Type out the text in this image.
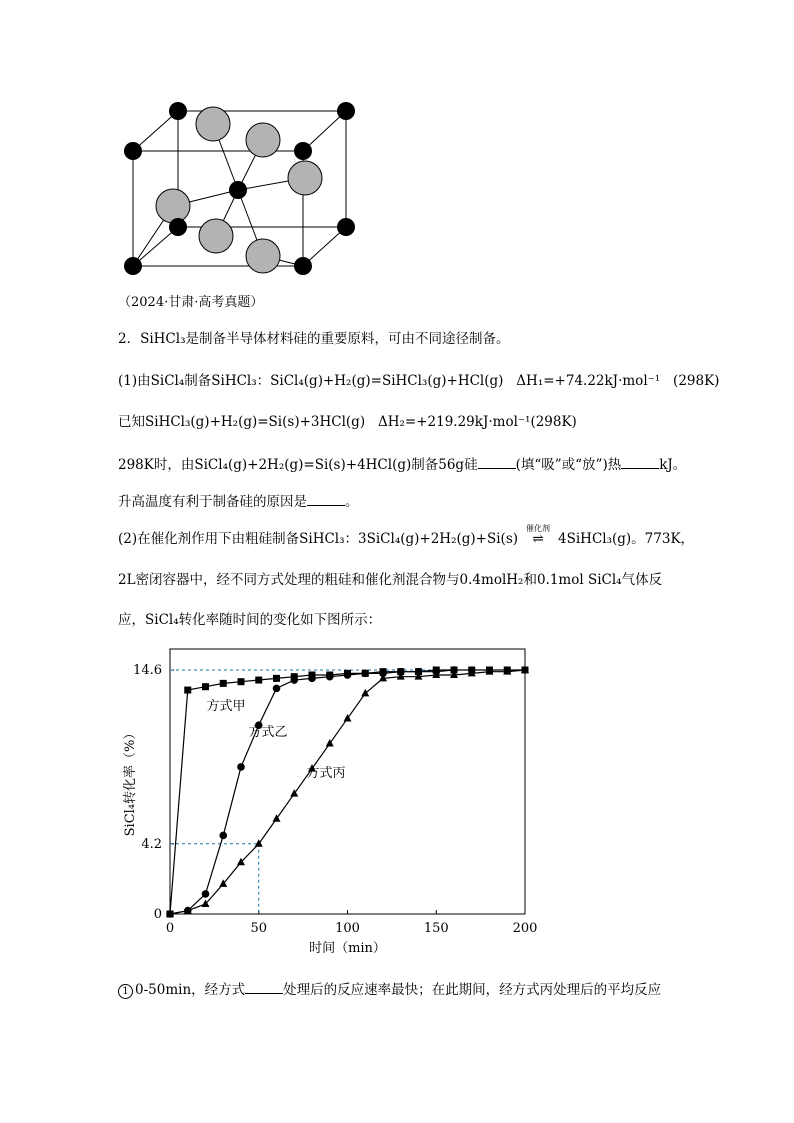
（2024·甘肃·高考真题）
2．SiHCl₃是制备半导体材料硅的重要原料，可由不同途径制备。
(1)由SiCl₄制备SiHCl₃：SiCl₄(g)+H₂(g)=SiHCl₃(g)+HCl(g) ΔH₁=+74.22kJ·mol⁻¹ (298K)
已知SiHCl₃(g)+H₂(g)=Si(s)+3HCl(g) ΔH₂=+219.29kJ·mol⁻¹(298K)
298K时，由SiCl₄(g)+2H₂(g)=Si(s)+4HCl(g)制备56g硅	(填“吸”或“放”)热	kJ。
升高温度有利于制备硅的原因是	。
(2)在催化剂作用下由粗硅制备SiHCl₃：3SiCl₄(g)+2H₂(g)+Si(s)
催化剂
⇌ 4SiHCl₃(g)。773K，
2L密闭容器中，经不同方式处理的粗硅和催化剂混合物与0.4molH₂和0.1mol SiCl₄气体反
应，SiCl₄转化率随时间的变化如下图所示：
0	50	100	150	200
0
4.2
14.6
时间（min）
SiCl₄转化率（%）
方式甲
方式乙
方式丙
1 0-50min，经方式	处理后的反应速率最快；在此期间，经方式丙处理后的平均反应
